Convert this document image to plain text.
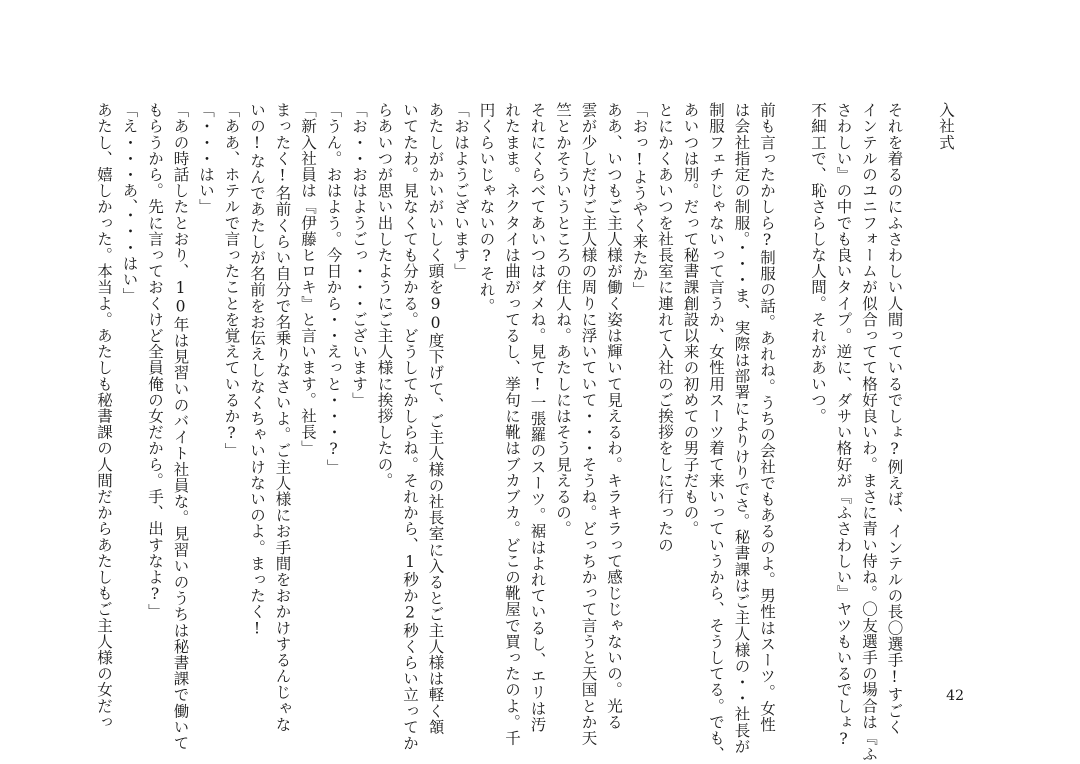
入社式
それを着るのにふさわしい人間っているでしょ?例えば、インテルの長〇選手!すごく
インテルのユニフォームが似合ってて格好良いわ。まさに青い侍ね。〇友選手の場合は『ふ
さわしい』の中でも良いタイプ。逆に、ダサい格好が『ふさわしい』ヤツもいるでしょ?
不細工で、恥さらしな人間。それがあいつ。
前も言ったかしら?制服の話。あれね。うちの会社でもあるのよ。男性はスーツ。女性
は会社指定の制服。・・・ま、実際は部署によりけりでさ。秘書課はご主人様の・・社長が
制服フェチじゃないって言うか、女性用スーツ着て来いっていうから、そうしてる。でも、
あいつは別。だって秘書課創設以来の初めての男子だもの。
とにかくあいつを社長室に連れて入社のご挨拶をしに行ったの
「おっ!ようやく来たか」
ああ、いつもご主人様が働く姿は輝いて見えるわ。キラキラって感じじゃないの。光る
雲が少しだけご主人様の周りに浮いていて・・・そうね。どっちかって言うと天国とか天
竺とかそういうところの住人ね。あたしにはそう見えるの。
それにくらべてあいつはダメね。見て!一張羅のスーツ。裾はよれているし、エリは汚
れたまま。ネクタイは曲がってるし、挙句に靴はブカブカ。どこの靴屋で買ったのよ。千
円くらいじゃないの?それ。
「おはようございます」
あたしがかいがいしく頭を90度下げて、ご主人様の社長室に入るとご主人様は軽く頷
いてたわ。見なくても分かる。どうしてかしらね。それから、1秒か2秒くらい立ってか
らあいつが思い出したようにご主人様に挨拶したの。
「お・・おはようごっ・・・ございます」
「うん。おはよう。今日から・・えっと・・・?」
「新入社員は『伊藤ヒロキ』と言います。社長」
まったく!名前くらい自分で名乗りなさいよ。ご主人様にお手間をおかけするんじゃな
いの!なんであたしが名前をお伝えしなくちゃいけないのよ。まったく!
「ああ、ホテルで言ったことを覚えているか?」
「・・・はい」
「あの時話したとおり、10年は見習いのバイト社員な。見習いのうちは秘書課で働いて
もらうから。先に言っておくけど全員俺の女だから。手、出すなよ?」
「え・・・あ、・・・はい」
あたし、嬉しかった。本当よ。あたしも秘書課の人間だからあたしもご主人様の女だっ	42
